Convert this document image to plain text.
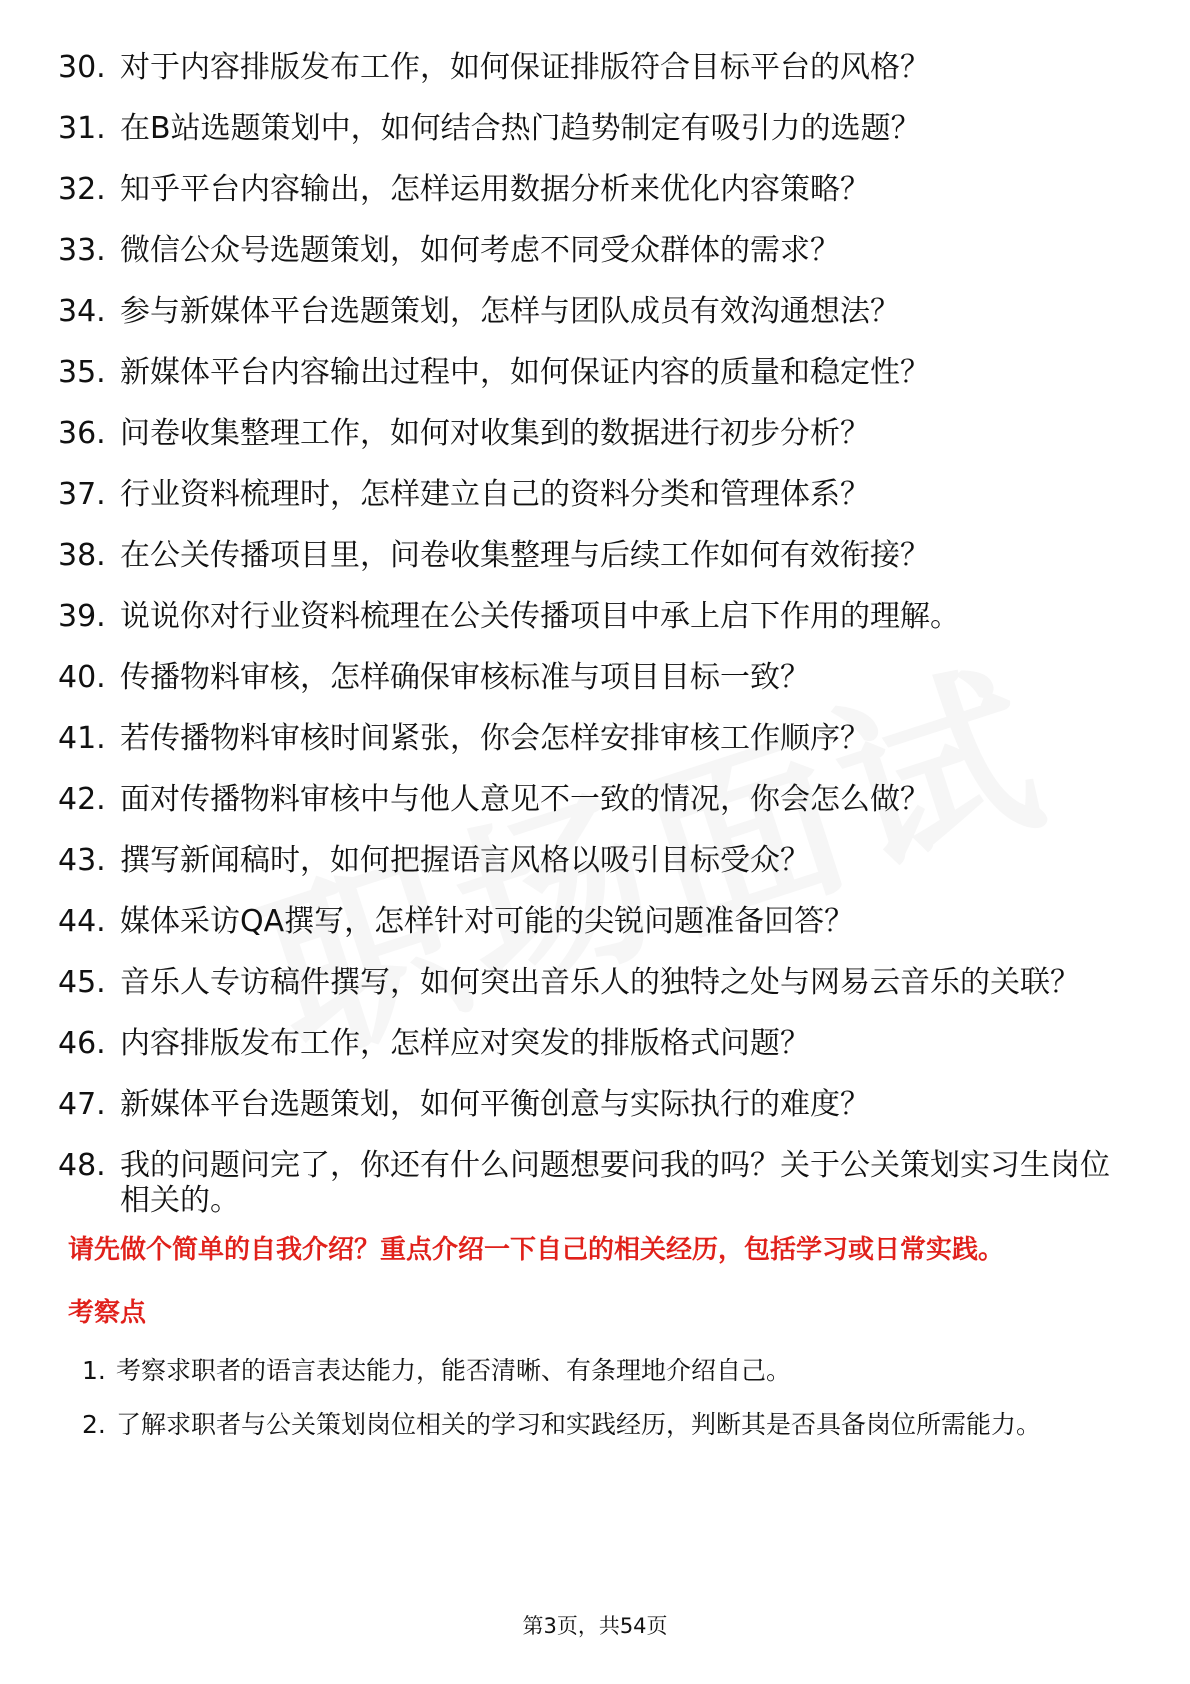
30. 对于内容排版发布工作，如何保证排版符合目标平台的风格？
31. 在B站选题策划中，如何结合热门趋势制定有吸引力的选题？
32. 知乎平台内容输出，怎样运用数据分析来优化内容策略？
33. 微信公众号选题策划，如何考虑不同受众群体的需求？
34. 参与新媒体平台选题策划，怎样与团队成员有效沟通想法？
35. 新媒体平台内容输出过程中，如何保证内容的质量和稳定性？
36. 问卷收集整理工作，如何对收集到的数据进行初步分析？
37. 行业资料梳理时，怎样建立自己的资料分类和管理体系？
38. 在公关传播项目里，问卷收集整理与后续工作如何有效衔接？
39. 说说你对行业资料梳理在公关传播项目中承上启下作用的理解。
40. 传播物料审核，怎样确保审核标准与项目目标一致？
41. 若传播物料审核时间紧张，你会怎样安排审核工作顺序？
42. 面对传播物料审核中与他人意见不一致的情况，你会怎么做？
43. 撰写新闻稿时，如何把握语言风格以吸引目标受众？
44. 媒体采访QA撰写，怎样针对可能的尖锐问题准备回答？
45. 音乐人专访稿件撰写，如何突出音乐人的独特之处与网易云音乐的关联？
46. 内容排版发布工作，怎样应对突发的排版格式问题？
47. 新媒体平台选题策划，如何平衡创意与实际执行的难度？
48. 我的问题问完了，你还有什么问题想要问我的吗？关于公关策划实习生岗位相关的。
请先做个简单的自我介绍？重点介绍一下自己的相关经历，包括学习或日常实践。
考察点
1. 考察求职者的语言表达能力，能否清晰、有条理地介绍自己。
2. 了解求职者与公关策划岗位相关的学习和实践经历，判断其是否具备岗位所需能力。
第3页，共54页
